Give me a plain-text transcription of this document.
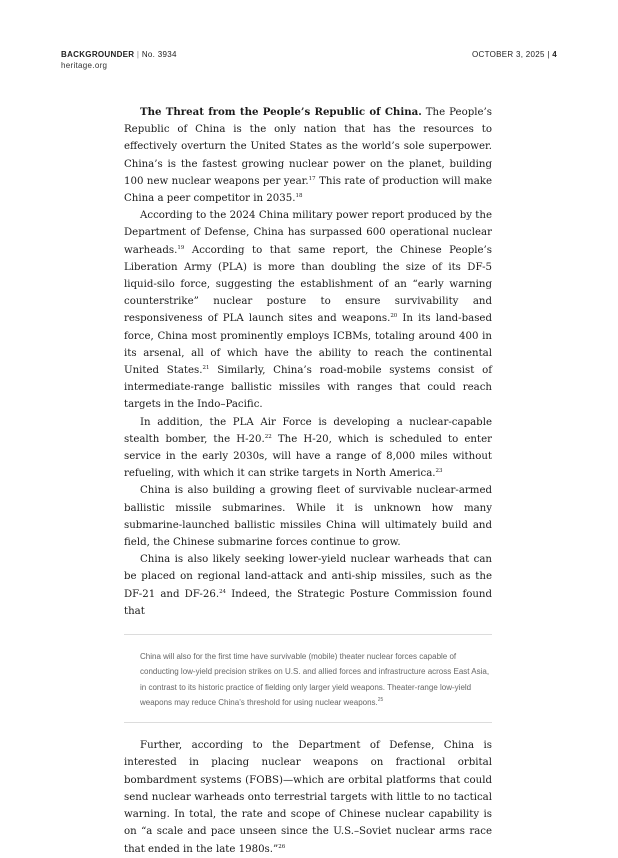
BACKGROUNDER | No. 3934
heritage.org
OCTOBER 3, 2025 | 4

The Threat from the People’s Republic of China. The People’s Republic of China is the only nation that has the resources to effectively overturn the United States as the world’s sole superpower. China’s is the fastest growing nuclear power on the planet, building 100 new nuclear weapons per year.$^{17}$ This rate of production will make China a peer competitor in 2035.18

According to the 2024 China military power report produced by the Department of Defense, China has surpassed 600 operational nuclear warheads.$^{19}$ According to that same report, the Chinese People’s Liberation Army (PLA) is more than doubling the size of its DF-5 liquid-silo force, suggesting the establishment of an “early warning counterstrike” nuclear posture to ensure survivability and responsiveness of PLA launch sites and weapons.$^{20}$ In its land-based force, China most prominently employs ICBMs, totaling around 400 in its arsenal, all of which have the ability to reach the continental United States.$^{21}$ Similarly, China’s road-mobile systems consist of intermediate-range ballistic missiles with ranges that could reach targets in the Indo–Pacific.

In addition, the PLA Air Force is developing a nuclear-capable stealth bomber, the H-20.22 The H-20, which is scheduled to enter service in the early 2030s, will have a range of 8,000 miles without refueling, with which it can strike targets in North America.$^{23}$

China is also building a growing fleet of survivable nuclear-armed ballistic missile submarines. While it is unknown how many submarine-launched ballistic missiles China will ultimately build and field, the Chinese submarine forces continue to grow.

China is also likely seeking lower-yield nuclear warheads that can be placed on regional land-attack and anti-ship missiles, such as the DF-21 and DF-26.24 Indeed, the Strategic Posture Commission found that

China will also for the first time have survivable (mobile) theater nuclear forces capable of conducting low-yield precision strikes on U.S. and allied forces and infrastructure across East Asia, in contrast to its historic practice of fielding only larger yield weapons. Theater-range low-yield weapons may reduce China’s threshold for using nuclear weapons.$^{25}$

Further, according to the Department of Defense, China is interested in placing nuclear weapons on fractional orbital bombardment systems (FOBS)—which are orbital platforms that could send nuclear warheads onto terrestrial targets with little to no tactical warning. In total, the rate and scope of Chinese nuclear capability is on “a scale and pace unseen since the U.S.–Soviet nuclear arms race that ended in the late 1980s.”$^{26}$
